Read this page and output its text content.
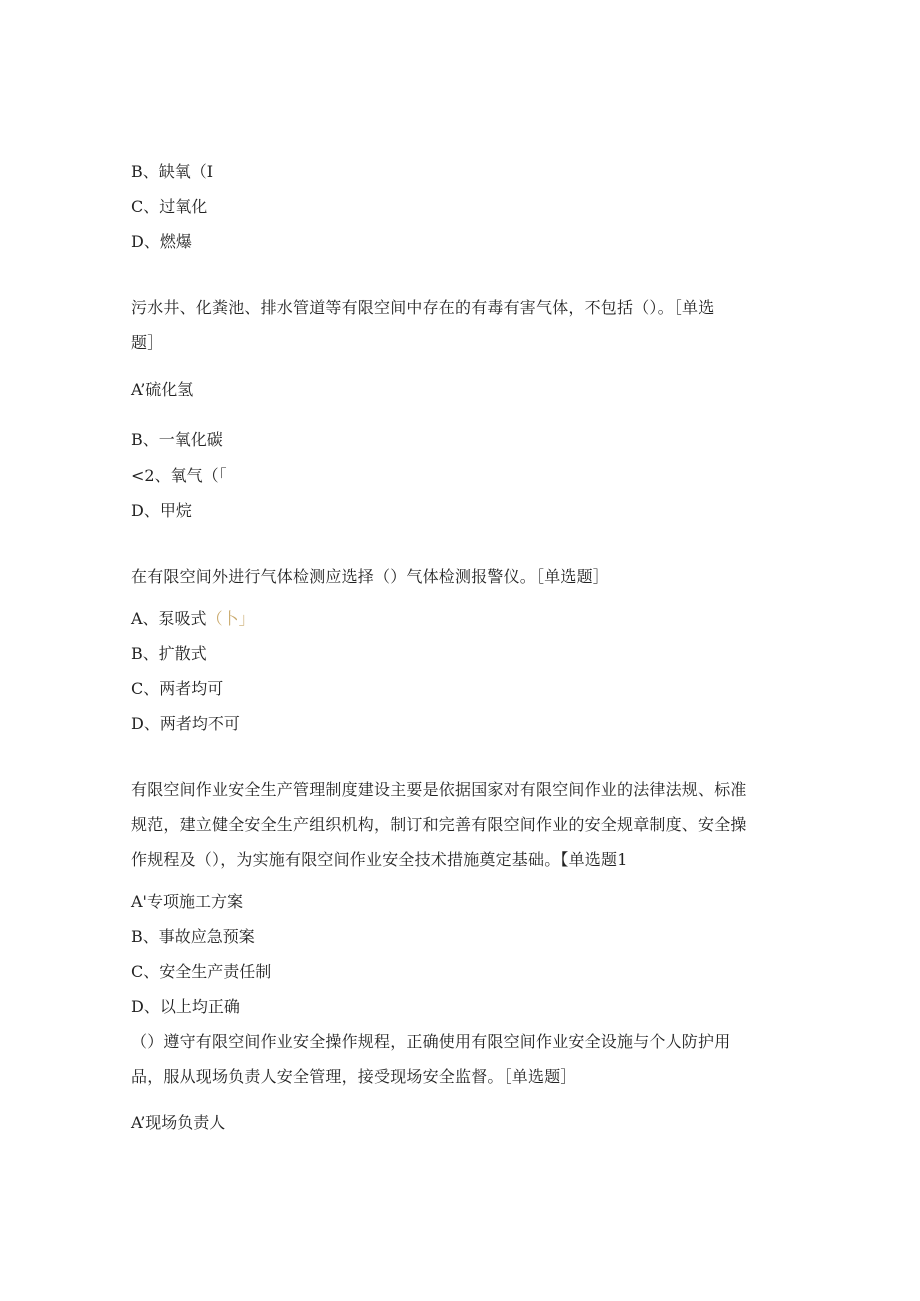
B、缺氧（I

C、过氧化

D、燃爆

污水井、化粪池、排水管道等有限空间中存在的有毒有害气体，不包括（）。［单选

题］

A’硫化氢

B、一氧化碳

<2、氧气（「

D、甲烷

在有限空间外进行气体检测应选择（）气体检测报警仪。［单选题］

A、泵吸式（卜」

B、扩散式

C、两者均可

D、两者均不可

有限空间作业安全生产管理制度建设主要是依据国家对有限空间作业的法律法规、标准

规范，建立健全安全生产组织机构，制订和完善有限空间作业的安全规章制度、安全操

作规程及（），为实施有限空间作业安全技术措施奠定基础。【单选题1

A'专项施工方案

B、事故应急预案

C、安全生产责任制

D、以上均正确

（）遵守有限空间作业安全操作规程，正确使用有限空间作业安全设施与个人防护用

品，服从现场负责人安全管理，接受现场安全监督。［单选题］

A’现场负责人
